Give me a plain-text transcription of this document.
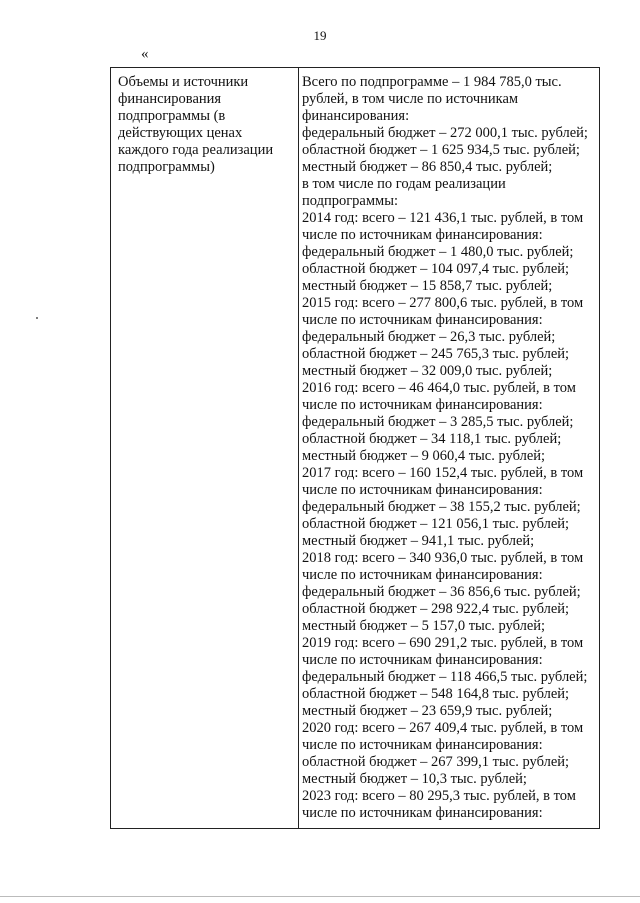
19
«
Объемы и источники
финансирования
подпрограммы (в
действующих ценах
каждого года реализации
подпрограммы)
Всего по подпрограмме – 1 984 785,0 тыс.
рублей, в том числе по источникам
финансирования:
федеральный бюджет – 272 000,1 тыс. рублей;
областной бюджет – 1 625 934,5 тыс. рублей;
местный бюджет – 86 850,4 тыс. рублей;
в том числе по годам реализации
подпрограммы:
2014 год: всего – 121 436,1 тыс. рублей, в том
числе по источникам финансирования:
федеральный бюджет – 1 480,0 тыс. рублей;
областной бюджет – 104 097,4 тыс. рублей;
местный бюджет – 15 858,7 тыс. рублей;
2015 год: всего – 277 800,6 тыс. рублей, в том
числе по источникам финансирования:
федеральный бюджет – 26,3 тыс. рублей;
областной бюджет – 245 765,3 тыс. рублей;
местный бюджет – 32 009,0 тыс. рублей;
2016 год: всего – 46 464,0 тыс. рублей, в том
числе по источникам финансирования:
федеральный бюджет – 3 285,5 тыс. рублей;
областной бюджет – 34 118,1 тыс. рублей;
местный бюджет – 9 060,4 тыс. рублей;
2017 год: всего – 160 152,4 тыс. рублей, в том
числе по источникам финансирования:
федеральный бюджет – 38 155,2 тыс. рублей;
областной бюджет – 121 056,1 тыс. рублей;
местный бюджет – 941,1 тыс. рублей;
2018 год: всего – 340 936,0 тыс. рублей, в том
числе по источникам финансирования:
федеральный бюджет – 36 856,6 тыс. рублей;
областной бюджет – 298 922,4 тыс. рублей;
местный бюджет – 5 157,0 тыс. рублей;
2019 год: всего – 690 291,2 тыс. рублей, в том
числе по источникам финансирования:
федеральный бюджет – 118 466,5 тыс. рублей;
областной бюджет – 548 164,8 тыс. рублей;
местный бюджет – 23 659,9 тыс. рублей;
2020 год: всего – 267 409,4 тыс. рублей, в том
числе по источникам финансирования:
областной бюджет – 267 399,1 тыс. рублей;
местный бюджет – 10,3 тыс. рублей;
2023 год: всего – 80 295,3 тыс. рублей, в том
числе по источникам финансирования:
